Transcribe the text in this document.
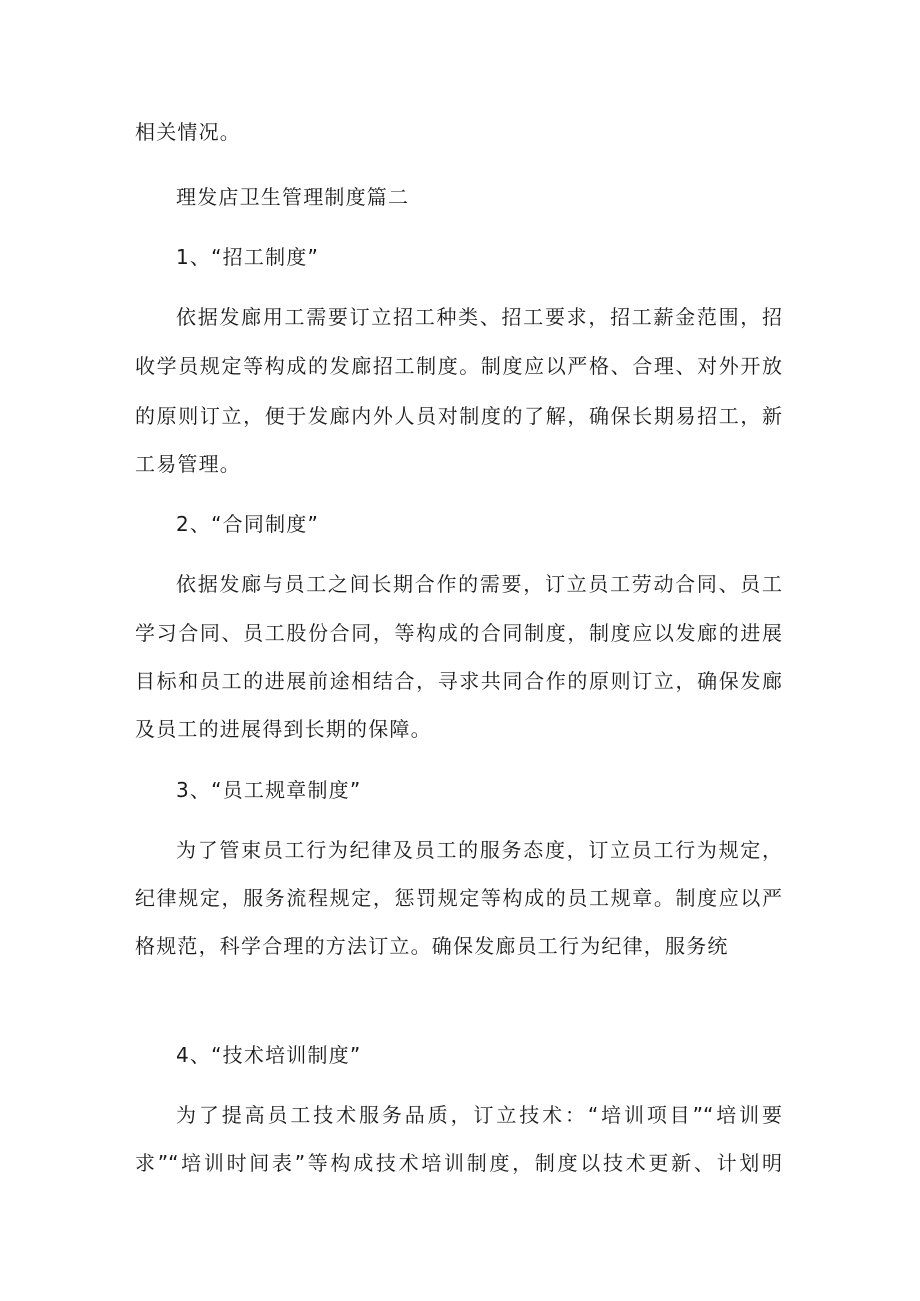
相关情况。
理发店卫生管理制度篇二
1、“招工制度”
依据发廊用工需要订立招工种类、招工要求，招工薪金范围，招
收学员规定等构成的发廊招工制度。制度应以严格、合理、对外开放
的原则订立，便于发廊内外人员对制度的了解，确保长期易招工，新
工易管理。
2、“合同制度”
依据发廊与员工之间长期合作的需要，订立员工劳动合同、员工
学习合同、员工股份合同，等构成的合同制度，制度应以发廊的进展
目标和员工的进展前途相结合，寻求共同合作的原则订立，确保发廊
及员工的进展得到长期的保障。
3、“员工规章制度”
为了管束员工行为纪律及员工的服务态度，订立员工行为规定，
纪律规定，服务流程规定，惩罚规定等构成的员工规章。制度应以严
格规范，科学合理的方法订立。确保发廊员工行为纪律，服务统
4、“技术培训制度”
为了提高员工技术服务品质，订立技术：“培训项目”“培训要
求”“培训时间表”等构成技术培训制度，制度以技术更新、计划明
